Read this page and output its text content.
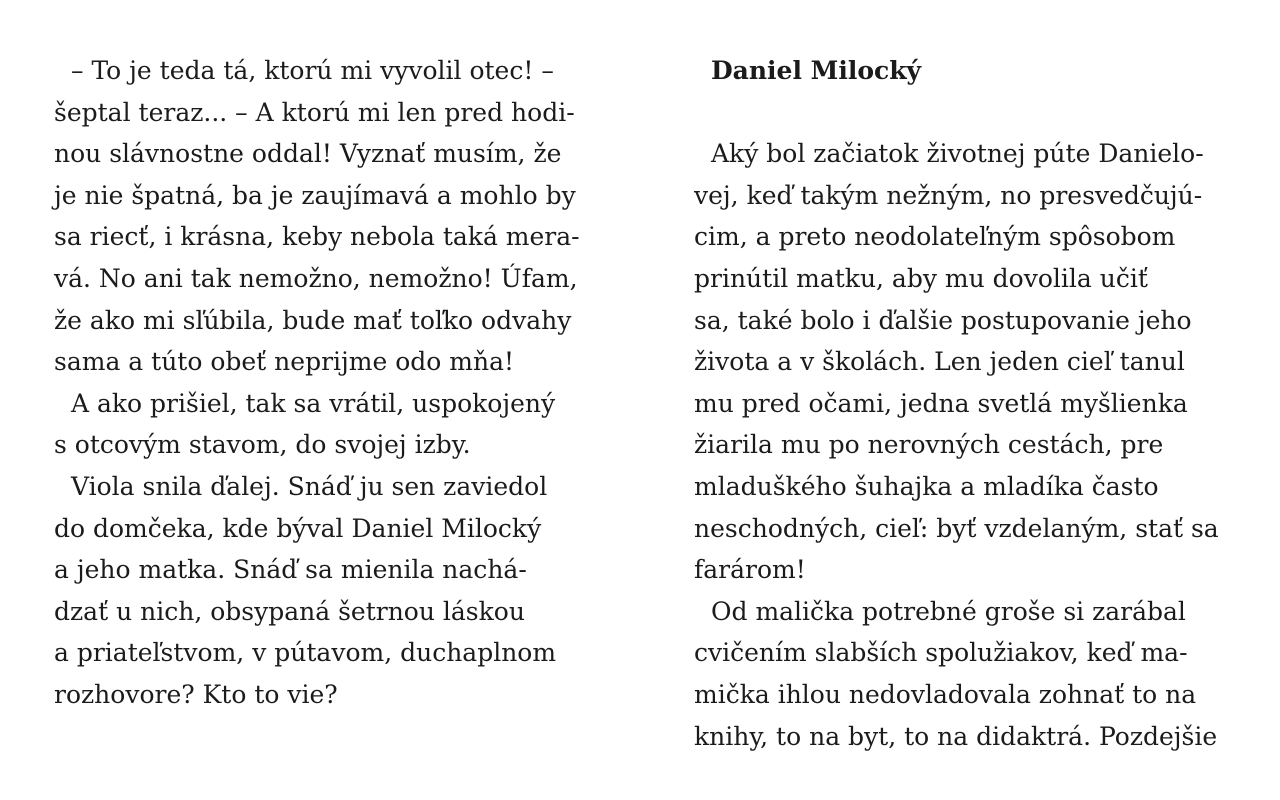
– To je teda tá, ktorú mi vyvolil otec! –
šeptal teraz... – A ktorú mi len pred hodi-
nou slávnostne oddal! Vyznať musím, že
je nie špatná, ba je zaujímavá a mohlo by
sa riecť, i krásna, keby nebola taká mera-
vá. No ani tak nemožno, nemožno! Úfam,
že ako mi sľúbila, bude mať toľko odvahy
sama a túto obeť neprijme odo mňa!
A ako prišiel, tak sa vrátil, uspokojený
s otcovým stavom, do svojej izby.
Viola snila ďalej. Snáď ju sen zaviedol
do domčeka, kde býval Daniel Milocký
a jeho matka. Snáď sa mienila nachá-
dzať u nich, obsypaná šetrnou láskou
a priateľstvom, v pútavom, duchaplnom
rozhovore? Kto to vie?
Daniel Milocký
Aký bol začiatok životnej púte Danielo-
vej, keď takým nežným, no presvedčujú-
cim, a preto neodolateľným spôsobom
prinútil matku, aby mu dovolila učiť
sa, také bolo i ďalšie postupovanie jeho
života a v školách. Len jeden cieľ tanul
mu pred očami, jedna svetlá myšlienka
žiarila mu po nerovných cestách, pre
mladuškého šuhajka a mladíka často
neschodných, cieľ: byť vzdelaným, stať sa
farárom!
Od malička potrebné groše si zarábal
cvičením slabších spolužiakov, keď ma-
mička ihlou nedovladovala zohnať to na
knihy, to na byt, to na didaktrá. Pozdejšie
